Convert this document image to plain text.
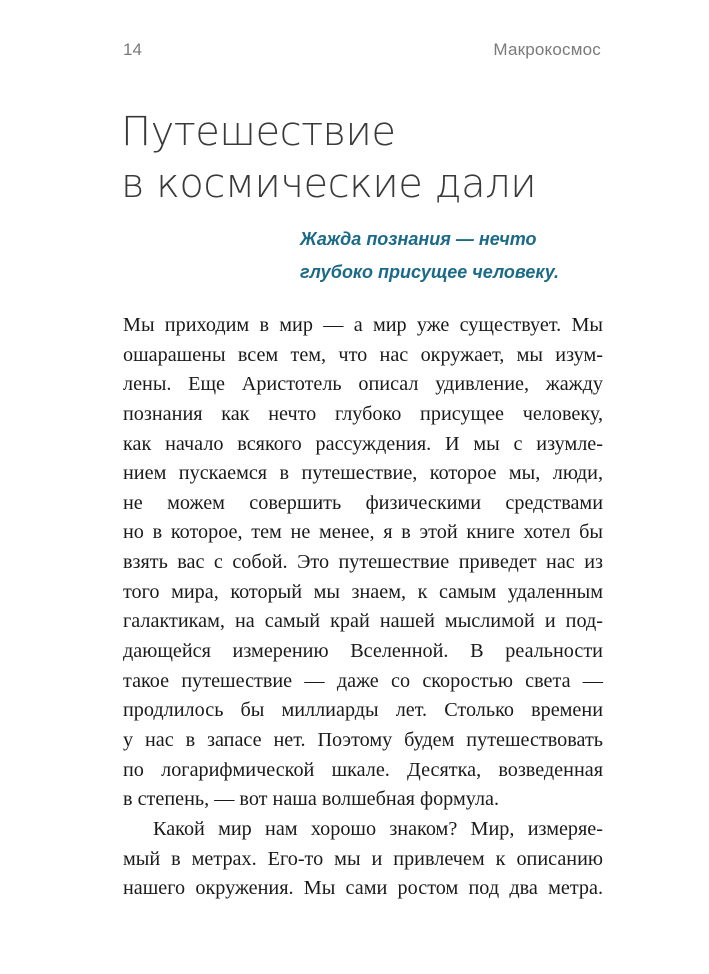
14	Макрокосмос
Путешествие
в космические дали

Жажда познания — нечто
глубоко присущее человеку.

Мы приходим в мир — а мир уже существует. Мы
ошарашены всем тем, что нас окружает, мы изум-
лены. Еще Аристотель описал удивление, жажду
познания как нечто глубоко присущее человеку,
как начало всякого рассуждения. И мы с изумле-
нием пускаемся в путешествие, которое мы, люди,
не можем совершить физическими средствами
но в которое, тем не менее, я в этой книге хотел бы
взять вас с собой. Это путешествие приведет нас из
того мира, который мы знаем, к самым удаленным
галактикам, на самый край нашей мыслимой и под-
дающейся измерению Вселенной. В реальности
такое путешествие — даже со скоростью света —
продлилось бы миллиарды лет. Столько времени
у нас в запасе нет. Поэтому будем путешествовать
по логарифмической шкале. Десятка, возведенная
в степень, — вот наша волшебная формула.
Какой мир нам хорошо знаком? Мир, измеряе-
мый в метрах. Его-то мы и привлечем к описанию
нашего окружения. Мы сами ростом под два метра.
